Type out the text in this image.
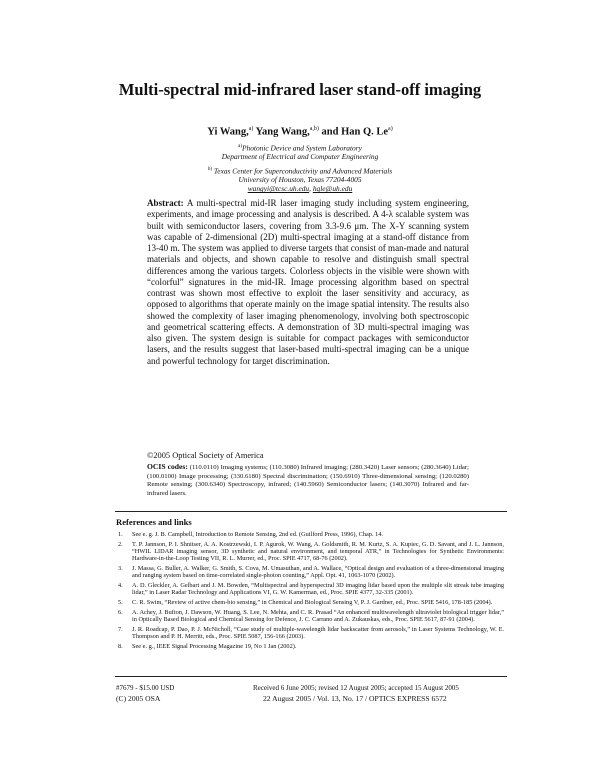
Multi-spectral mid-infrared laser stand-off imaging
Yi Wang,$^{a)}$ Yang Wang,$^{a,b)}$ and Han Q. Le$^{a)}$
$^{a)}$Photonic Device and System Laboratory
Department of Electrical and Computer Engineering
$^{b)}$ Texas Center for Superconductivity and Advanced Materials
University of Houston, Texas 77204-4005
wangyi@tcsc.uh.edu, hqle@uh.edu
Abstract: A multi-spectral mid-IR laser imaging study including system engineering, experiments, and image processing and analysis is described. A 4-λ scalable system was built with semiconductor lasers, covering from 3.3-9.6 μm. The X-Y scanning system was capable of 2-dimensional (2D) multi-spectral imaging at a stand-off distance from 13-40 m. The system was applied to diverse targets that consist of man-made and natural materials and objects, and shown capable to resolve and distinguish small spectral differences among the various targets. Colorless objects in the visible were shown with “colorful” signatures in the mid-IR. Image processing algorithm based on spectral contrast was shown most effective to exploit the laser sensitivity and accuracy, as opposed to algorithms that operate mainly on the image spatial intensity. The results also showed the complexity of laser imaging phenomenology, involving both spectroscopic and geometrical scattering effects. A demonstration of 3D multi-spectral imaging was also given. The system design is suitable for compact packages with semiconductor lasers, and the results suggest that laser-based multi-spectral imaging can be a unique and powerful technology for target discrimination.
©2005 Optical Society of America
OCIS codes: (110.0110) Imaging systems; (110.3080) Infrared imaging; (280.3420) Laser sensors; (280.3640) Lidar; (100.0100) Image processing; (330.6180) Spectral discrimination; (150.6910) Three-dimensional sensing; (120.0280) Remote sensing; (300.6340) Spectroscopy, infrared; (140.5960) Semiconductor lasers; (140.3070) Infrared and far-infrared lasers.
References and links
1. See e. g. J. B. Campbell, Introduction to Remote Sensing, 2nd ed. (Guilford Press, 1996), Chap. 14.
2. T. P. Jannson, P. I. Shnitser, A. A. Kostrzewski, I. P. Agurok, W. Wang, A. Goldsmith, R. M. Kurtz, S. A. Kupiec, G. D. Savant, and J. L. Jannson, “HWIL LIDAR imaging sensor, 3D synthetic and natural environment, and temporal ATR,” in Technologies for Synthetic Environments: Hardware-in-the-Loop Testing VII, R. L. Murrer, ed., Proc. SPIE 4717, 68-76 (2002).
3. J. Massa, G. Buller, A. Walker, G. Smith, S. Cova, M. Umasuthan, and A. Wallace, “Optical design and evaluation of a three-dimensional imaging and ranging system based on time-correlated single-photon counting,” Appl. Opt. 41, 1063-1070 (2002).
4. A. D. Gleckler, A. Gelbart and J. M. Bowden, “Multispectral and hyperspectral 3D imaging lidar based upon the multiple slit streak tube imaging lidar,” in Laser Radar Technology and Applications VI, G. W. Kamerman, ed., Proc. SPIE 4377, 32-335 (2001).
5. C. R. Swim, “Review of active chem-bio sensing,” in Chemical and Biological Sensing V, P. J. Gardner, ed., Proc. SPIE 5416, 178-185 (2004).
6. A. Achey, J. Bufton, J. Dawson, W. Huang, S. Lee, N. Mehta, and C. R. Prasad “An enhanced multiwavelength ultraviolet biological trigger lidar,” in Optically Based Biological and Chemical Sensing for Defence, J. C. Carrano and A. Zukauskas, eds., Proc. SPIE 5617, 87-91 (2004).
7. J. R. Roadcap, P. Dao, P. J. McNicholl, “Case study of multiple-wavelength lidar backscatter from aerosols,” in Laser Systems Technology, W. E. Thompson and P. H. Merritt, eds., Proc. SPIE 5087, 156-166 (2003).
8. See e. g., IEEE Signal Processing Magazine 19, No 1 Jan (2002).
#7679 - $15.00 USD	Received 6 June 2005; revised 12 August 2005; accepted 15 August 2005
(C) 2005 OSA	22 August 2005 / Vol. 13, No. 17 / OPTICS EXPRESS 6572
